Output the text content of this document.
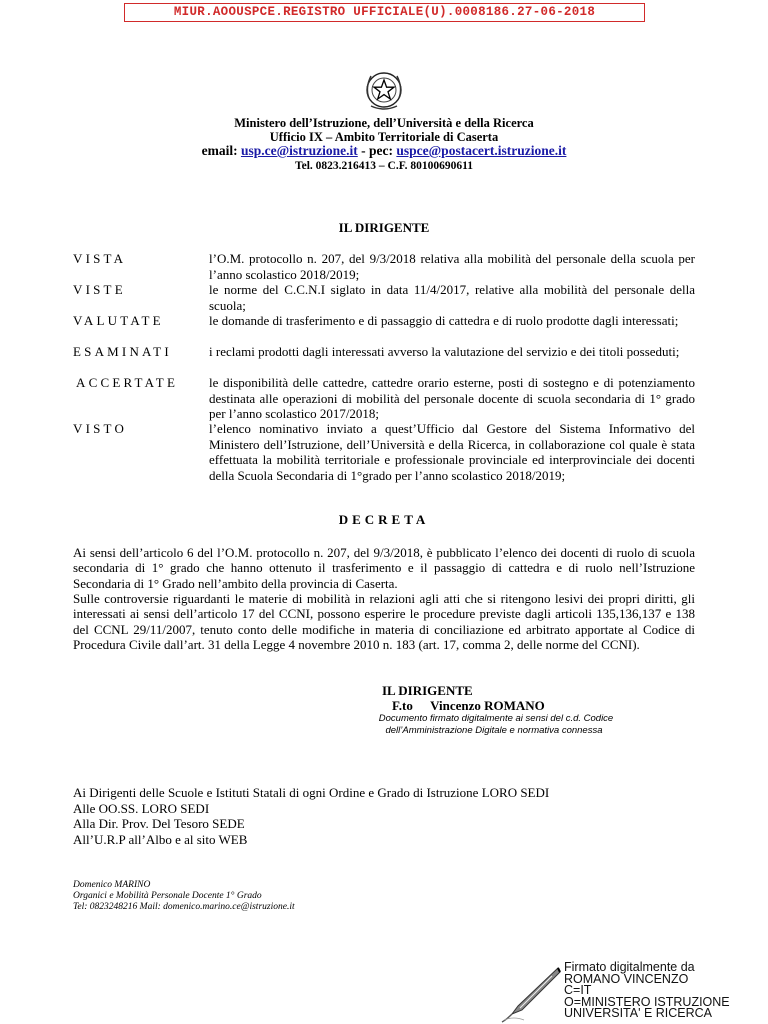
MIUR.AOOUSPCE.REGISTRO UFFICIALE(U).0008186.27-06-2018
Ministero dell’Istruzione, dell’Università e della Ricerca
Ufficio IX – Ambito Territoriale di Caserta
email: usp.ce@istruzione.it - pec: uspce@postacert.istruzione.it
Tel. 0823.216413 – C.F. 80100690611
IL DIRIGENTE
VISTA	l’O.M. protocollo n. 207, del 9/3/2018 relativa alla mobilità del personale della scuola per l’anno scolastico 2018/2019;
VISTE	le norme del C.C.N.I siglato in data 11/4/2017, relative alla mobilità del personale della scuola;
VALUTATE	le domande di trasferimento e di passaggio di cattedra e di ruolo prodotte dagli interessati;
ESAMINATI	i reclami prodotti dagli interessati avverso la valutazione del servizio e dei titoli posseduti;
ACCERTATE le disponibilità delle cattedre, cattedre orario esterne, posti di sostegno e di potenziamento destinata alle operazioni di mobilità del personale docente di scuola secondaria di 1° grado per l’anno scolastico 2017/2018;
VISTO	l’elenco nominativo inviato a quest’Ufficio dal Gestore del Sistema Informativo del Ministero dell’Istruzione, dell’Università e della Ricerca, in collaborazione col quale è stata effettuata la mobilità territoriale e professionale provinciale ed interprovinciale dei docenti della Scuola Secondaria di 1°grado per l’anno scolastico 2018/2019;
DECRETA
Ai sensi dell’articolo 6 del l’O.M. protocollo n. 207, del 9/3/2018, è pubblicato l’elenco dei docenti di ruolo di scuola secondaria di 1° grado che hanno ottenuto il trasferimento e il passaggio di cattedra e di ruolo nell’Istruzione Secondaria di 1° Grado nell’ambito della provincia di Caserta.
Sulle controversie riguardanti le materie di mobilità in relazioni agli atti che si ritengono lesivi dei propri diritti, gli interessati ai sensi dell’articolo 17 del CCNI, possono esperire le procedure previste dagli articoli 135,136,137 e 138 del CCNL 29/11/2007, tenuto conto delle modifiche in materia di conciliazione ed arbitrato apportate al Codice di Procedura Civile dall’art. 31 della Legge 4 novembre 2010 n. 183 (art. 17, comma 2, delle norme del CCNI).
IL DIRIGENTE
F.to Vincenzo ROMANO
Documento firmato digitalmente ai sensi del c.d. Codice
dell’Amministrazione Digitale e normativa connessa
Ai Dirigenti delle Scuole e Istituti Statali di ogni Ordine e Grado di Istruzione LORO SEDI
Alle OO.SS. LORO SEDI
Alla Dir. Prov. Del Tesoro SEDE
All’U.R.P all’Albo e al sito WEB
Domenico MARINO
Organici e Mobilità Personale Docente 1° Grado
Tel: 0823248216 Mail: domenico.marino.ce@istruzione.it
Firmato digitalmente da
ROMANO VINCENZO
C=IT
O=MINISTERO ISTRUZIONE
UNIVERSITA' E RICERCA
